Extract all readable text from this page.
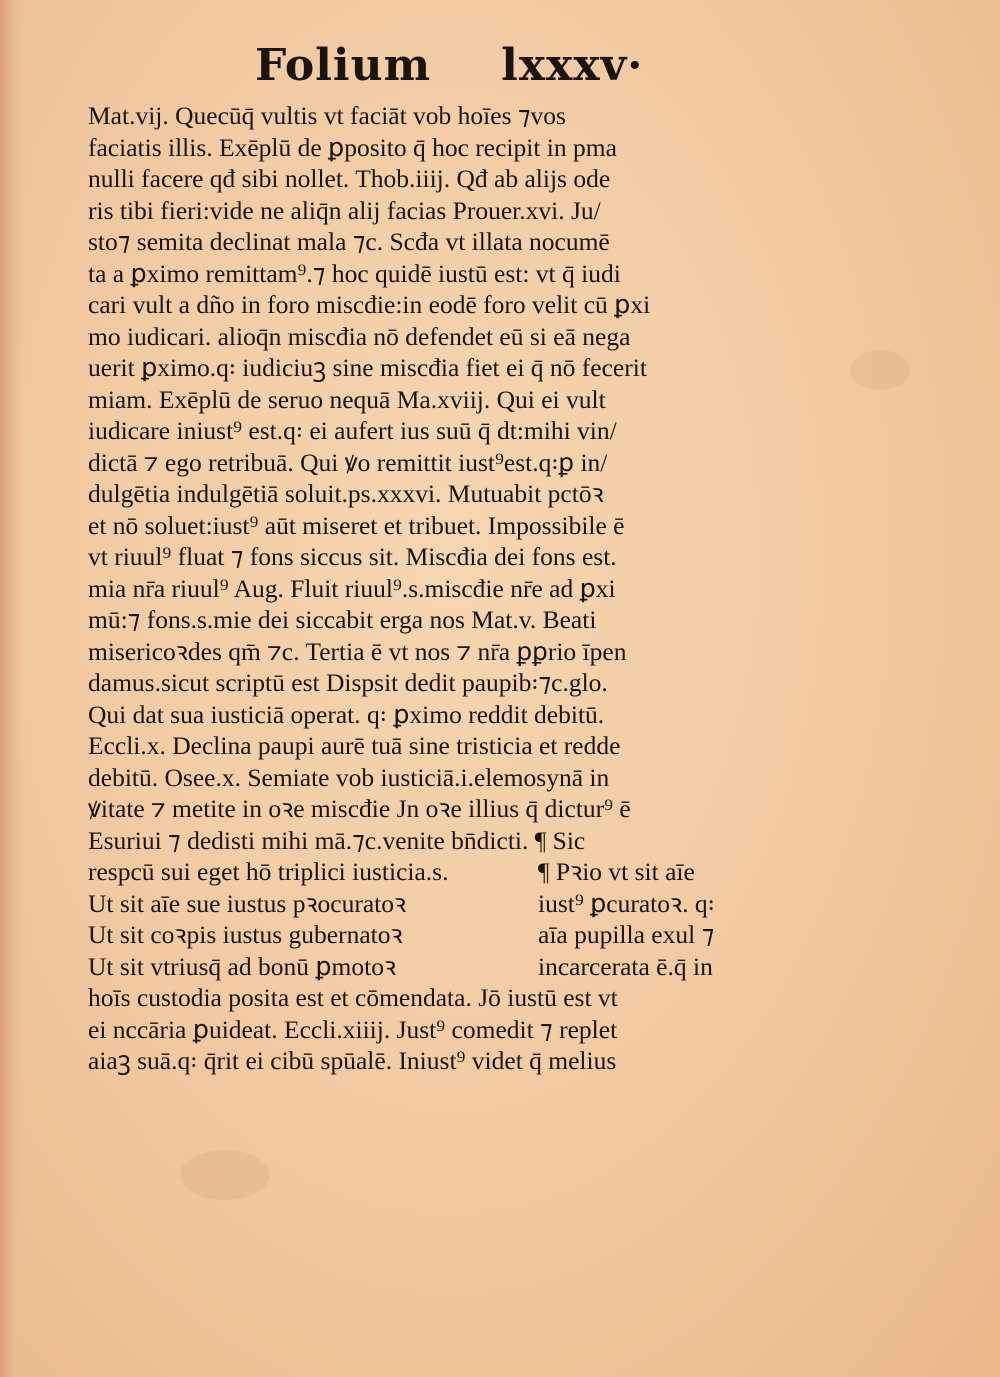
Folium lxxxv·
Mat.vij. Quecūq̄ vultis vt faciāt vob hoīes ⁊vos
faciatis illis. Exēplū de ꝑposito q̄ hoc recipit in pma
nulli facere qđ sibi nollet. Thob.iiij. Qđ ab alijs ode
ris tibi fieri:vide ne aliq̄n alij facias Prouer.xvi. Ju/
sto⁊ semita declinat mala ⁊c. Scđa vt illata nocumē
ta a ꝑximo remittam⁹.⁊ hoc quidē iustū est: vt q̄ iudi
cari vult a dño in foro miscđie:in eodē foro velit cū ꝑxi
mo iudicari. alioq̄n miscđia nō defendet eū si eā nega
uerit ꝑximo.q꞉ iudiciuꝫ sine miscđia fiet ei q̄ nō fecerit
miam. Exēplū de seruo nequā Ma.xviij. Qui ei vult
iudicare iniust⁹ est.q꞉ ei aufert ius suū q̄ dt:mihi vin/
dictā ⁊ ego retribuā. Qui ꝟo remittit iust⁹est.q꞉ꝑ in/
dulgētia indulgētiā soluit.ps.xxxvi. Mutuabit pctōꝛ
et nō soluet:iust⁹ aūt miseret et tribuet. Impossibile ē
vt riuul⁹ fluat ⁊ fons siccus sit. Miscđia dei fons est.
mia nr̄a riuul⁹ Aug. Fluit riuul⁹.s.miscđie nr̄e ad ꝑxi
mū:⁊ fons.s.mie dei siccabit erga nos Mat.v. Beati
misericoꝛdes qm̄ ⁊c. Tertia ē vt nos ⁊ nr̄a ꝑꝑrio īpen
damus.sicut scriptū est Dispsit dedit paupib꞉⁊c.glo.
Qui dat sua iusticiā operat. q꞉ ꝑximo reddit debitū.
Eccli.x. Declina paupi aurē tuā sine tristicia et redde
debitū. Osee.x. Semiate vob iusticiā.i.elemosynā in
ꝟitate ⁊ metite in oꝛe miscđie Jn oꝛe illius q̄ dictur⁹ ē
Esuriui ⁊ dedisti mihi mā.⁊c.venite bn̄dicti. ¶ Sic
respcū sui eget hō triplici iusticia.s.
Ut sit aīe sue iustus pꝛocuratoꝛ
Ut sit coꝛpis iustus gubernatoꝛ
Ut sit vtriusq̄ ad bonū ꝑmotoꝛ
¶ Pꝛio vt sit aīe
iust⁹ ꝑcuratoꝛ. q꞉
aīa pupilla exul ⁊
incarcerata ē.q̄ in
hoīs custodia posita est et cōmendata. Jō iustū est vt
ei nccāria ꝑuideat. Eccli.xiiij. Just⁹ comedit ⁊ replet
aiaꝫ suā.q꞉ q̄rit ei cibū spūalē. Iniust⁹ videt q̄ melius
